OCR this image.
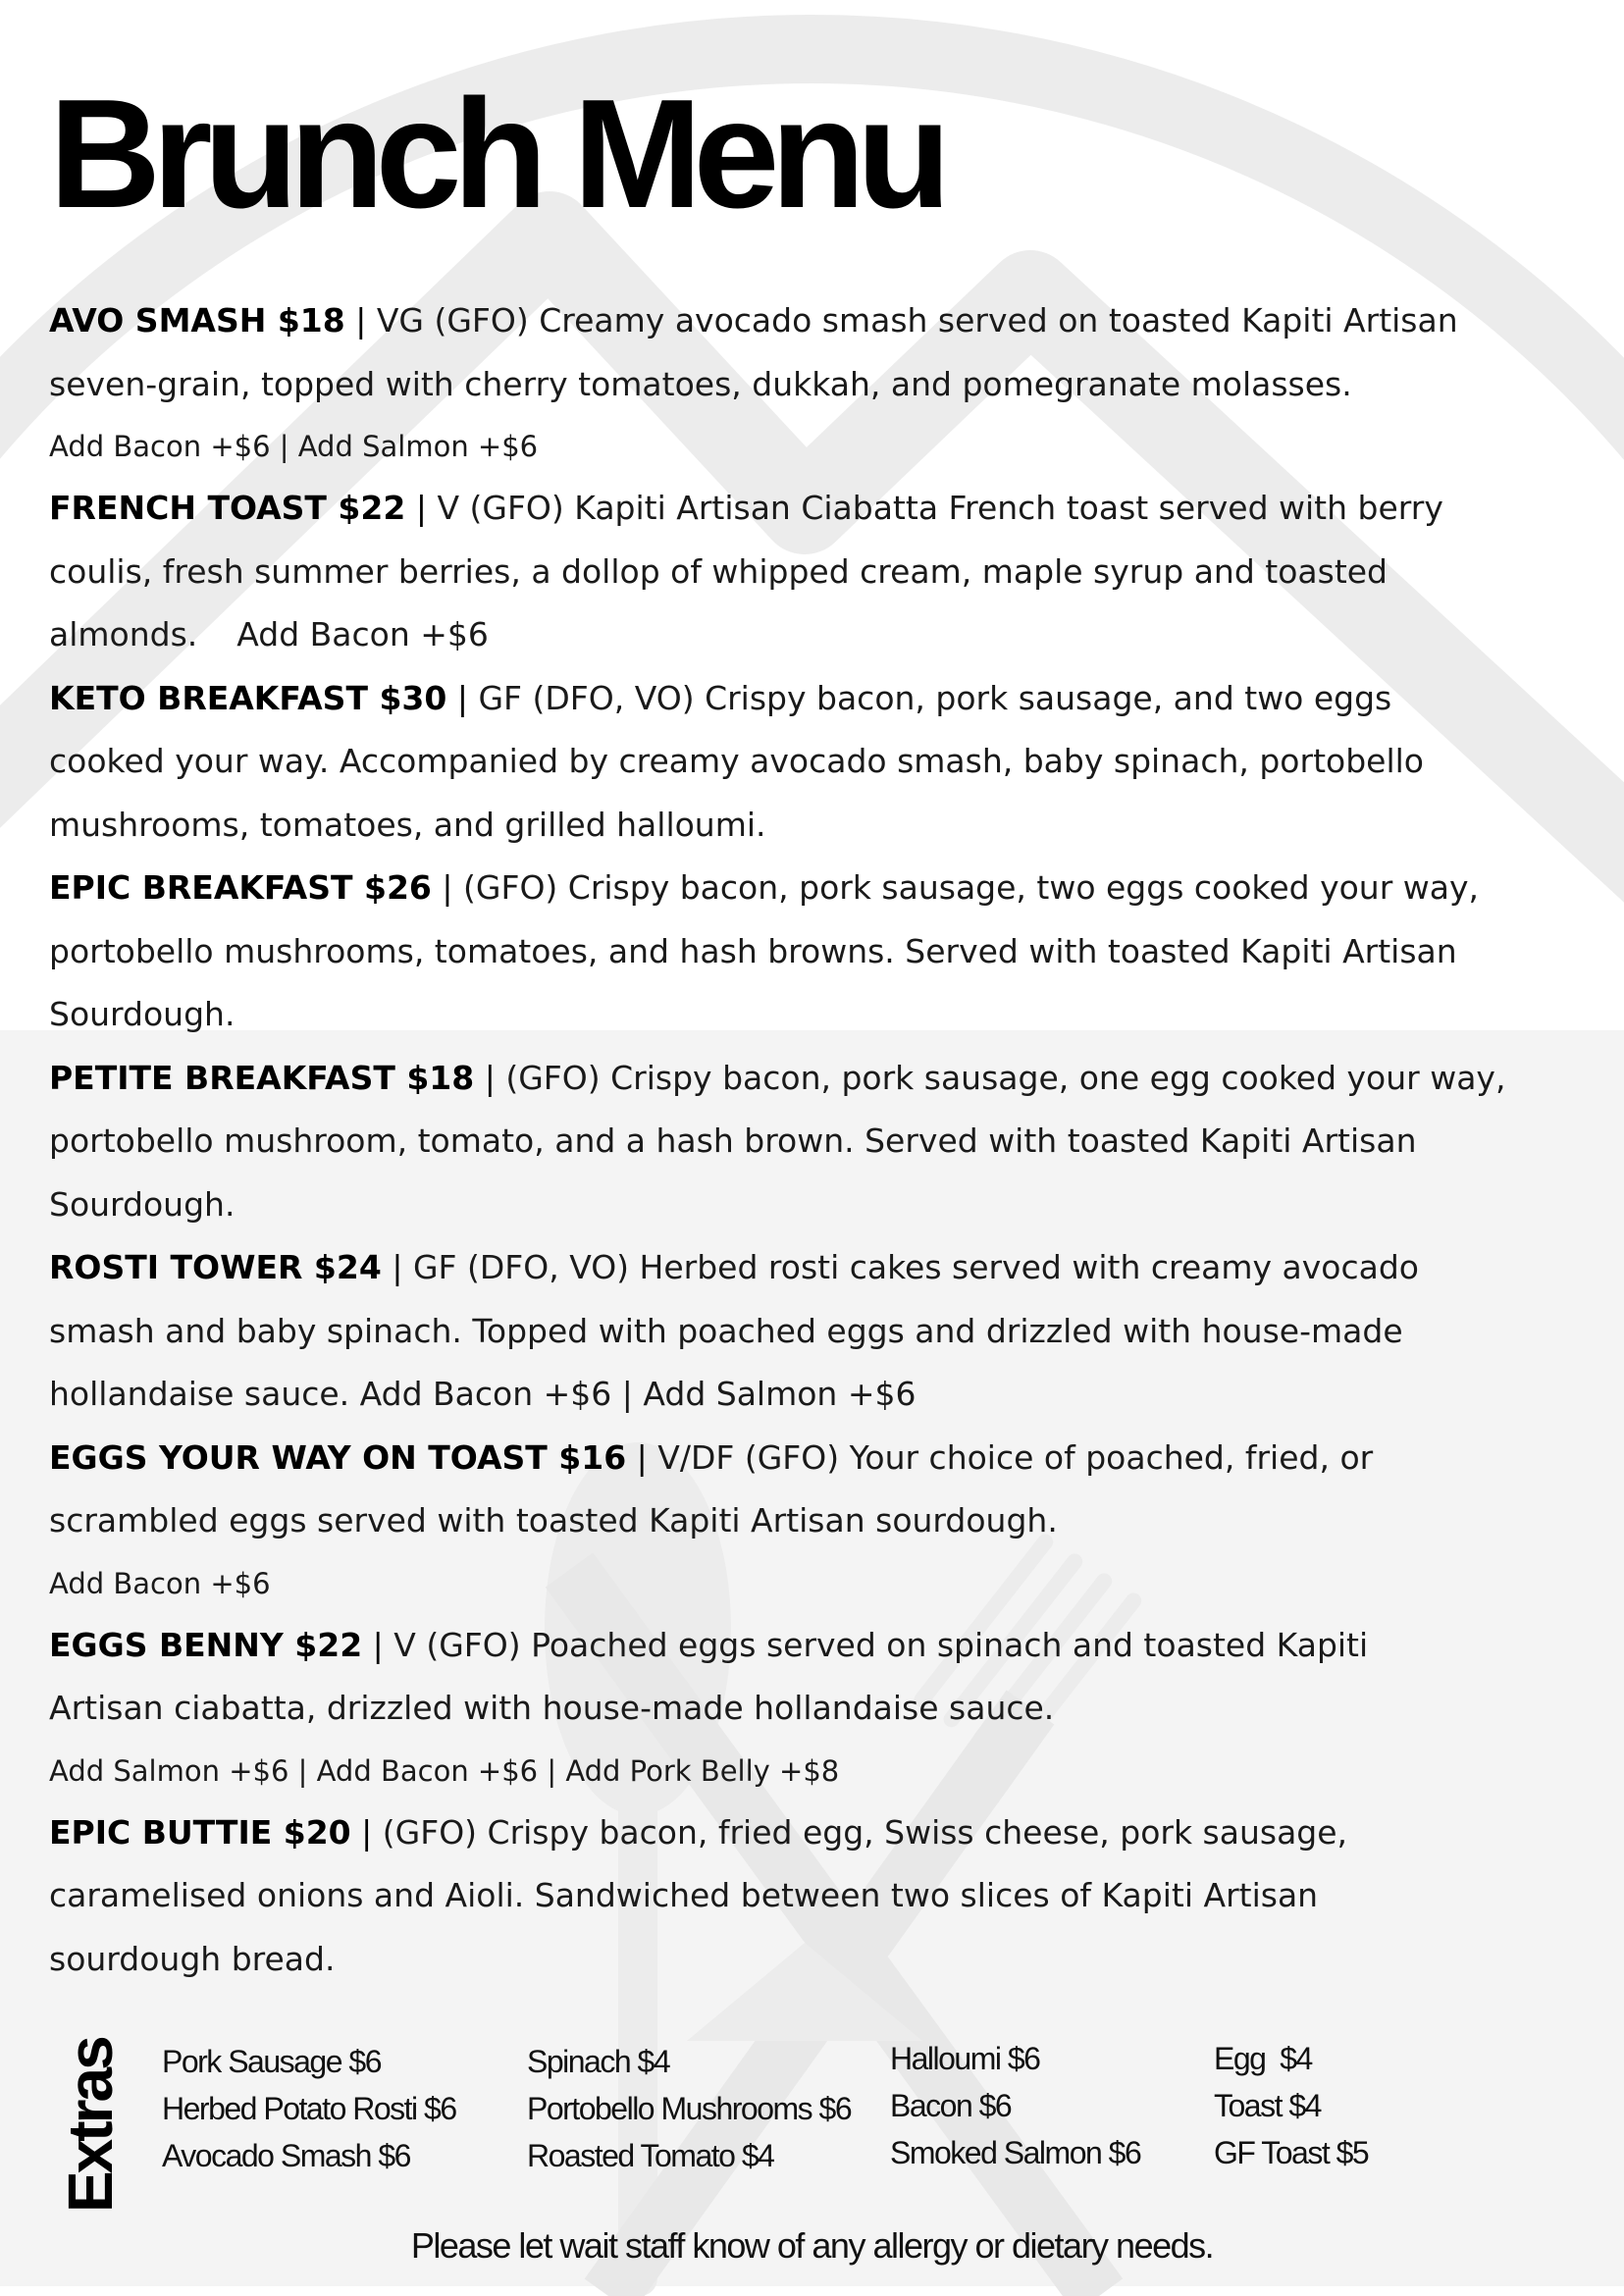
Brunch Menu

AVO SMASH $18 | VG (GFO) Creamy avocado smash served on toasted Kapiti Artisan

seven-grain, topped with cherry tomatoes, dukkah, and pomegranate molasses.

Add Bacon +$6 | Add Salmon +$6

FRENCH TOAST $22 | V (GFO) Kapiti Artisan Ciabatta French toast served with berry

coulis, fresh summer berries, a dollop of whipped cream, maple syrup and toasted

almonds. Add Bacon +$6

KETO BREAKFAST $30 | GF (DFO, VO) Crispy bacon, pork sausage, and two eggs

cooked your way. Accompanied by creamy avocado smash, baby spinach, portobello

mushrooms, tomatoes, and grilled halloumi.

EPIC BREAKFAST $26 | (GFO) Crispy bacon, pork sausage, two eggs cooked your way,

portobello mushrooms, tomatoes, and hash browns. Served with toasted Kapiti Artisan

Sourdough.

PETITE BREAKFAST $18 | (GFO) Crispy bacon, pork sausage, one egg cooked your way,

portobello mushroom, tomato, and a hash brown. Served with toasted Kapiti Artisan

Sourdough.

ROSTI TOWER $24 | GF (DFO, VO) Herbed rosti cakes served with creamy avocado

smash and baby spinach. Topped with poached eggs and drizzled with house-made

hollandaise sauce. Add Bacon +$6 | Add Salmon +$6

EGGS YOUR WAY ON TOAST $16 | V/DF (GFO) Your choice of poached, fried, or

scrambled eggs served with toasted Kapiti Artisan sourdough.

Add Bacon +$6

EGGS BENNY $22 | V (GFO) Poached eggs served on spinach and toasted Kapiti

Artisan ciabatta, drizzled with house-made hollandaise sauce.

Add Salmon +$6 | Add Bacon +$6 | Add Pork Belly +$8

EPIC BUTTIE $20 | (GFO) Crispy bacon, fried egg, Swiss cheese, pork sausage,

caramelised onions and Aioli. Sandwiched between two slices of Kapiti Artisan

sourdough bread.

Extras Pork Sausage $6
Herbed Potato Rosti $6
Avocado Smash $6
Spinach $4
Portobello Mushrooms $6
Roasted Tomato $4
Halloumi $6
Bacon $6
Smoked Salmon $6
Egg  $4
Toast $4
GF Toast $5
Please let wait staff know of any allergy or dietary needs.
